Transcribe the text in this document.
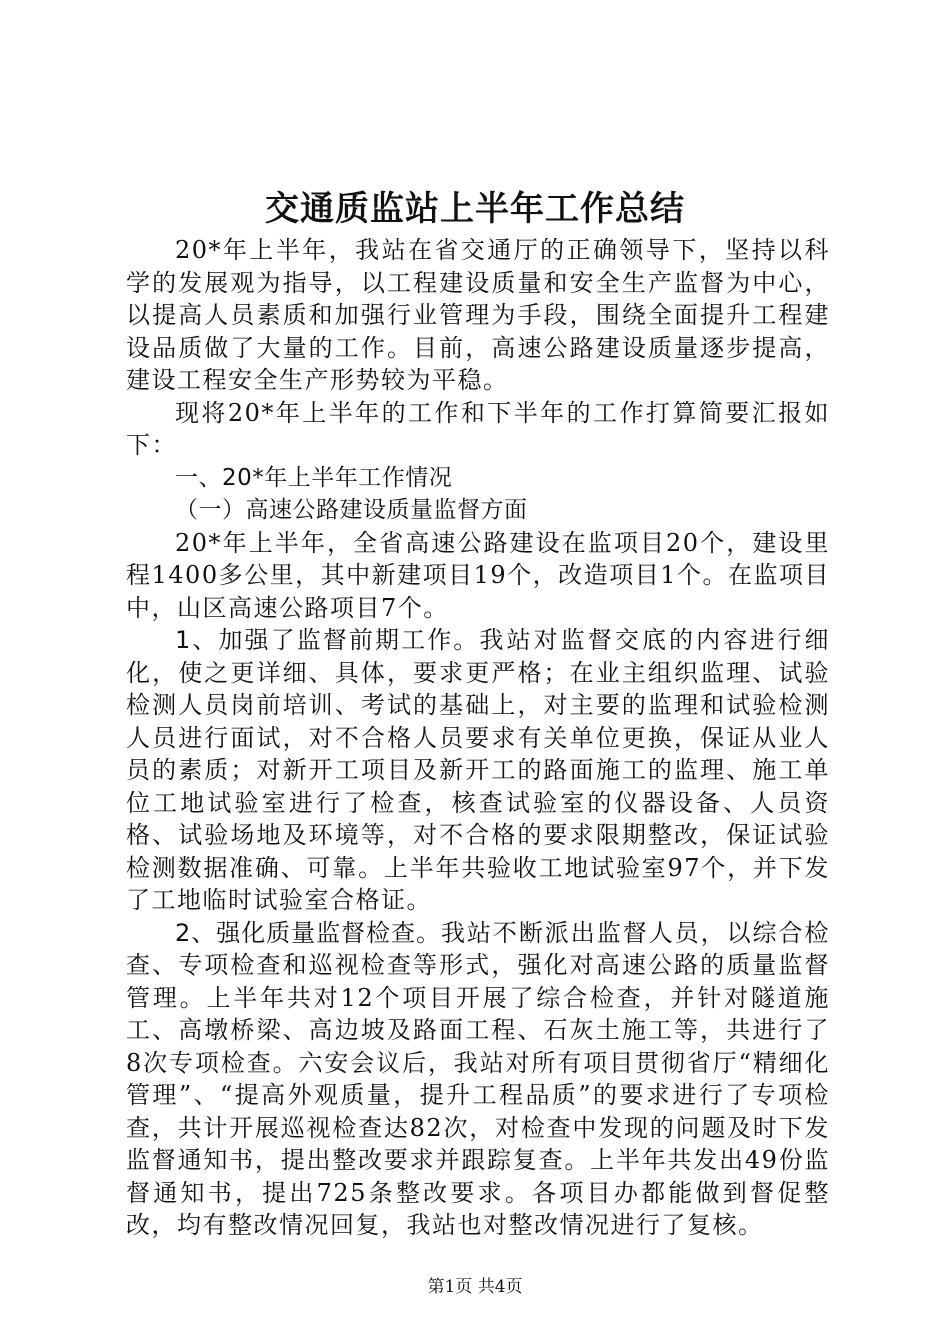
交通质监站上半年工作总结

20*年上半年，我站在省交通厅的正确领导下，坚持以科学的发展观为指导，以工程建设质量和安全生产监督为中心，以提高人员素质和加强行业管理为手段，围绕全面提升工程建设品质做了大量的工作。目前，高速公路建设质量逐步提高，建设工程安全生产形势较为平稳。

现将20*年上半年的工作和下半年的工作打算简要汇报如下：

一、20*年上半年工作情况

（一）高速公路建设质量监督方面

20*年上半年，全省高速公路建设在监项目20个，建设里程1400多公里，其中新建项目19个，改造项目1个。在监项目中，山区高速公路项目7个。

1、加强了监督前期工作。我站对监督交底的内容进行细化，使之更详细、具体，要求更严格；在业主组织监理、试验检测人员岗前培训、考试的基础上，对主要的监理和试验检测人员进行面试，对不合格人员要求有关单位更换，保证从业人员的素质；对新开工项目及新开工的路面施工的监理、施工单位工地试验室进行了检查，核查试验室的仪器设备、人员资格、试验场地及环境等，对不合格的要求限期整改，保证试验检测数据准确、可靠。上半年共验收工地试验室97个，并下发了工地临时试验室合格证。

2、强化质量监督检查。我站不断派出监督人员，以综合检查、专项检查和巡视检查等形式，强化对高速公路的质量监督管理。上半年共对12个项目开展了综合检查，并针对隧道施工、高墩桥梁、高边坡及路面工程、石灰土施工等，共进行了8次专项检查。六安会议后，我站对所有项目贯彻省厅“精细化管理”、“提高外观质量，提升工程品质”的要求进行了专项检查，共计开展巡视检查达82次，对检查中发现的问题及时下发监督通知书，提出整改要求并跟踪复查。上半年共发出49份监督通知书，提出725条整改要求。各项目办都能做到督促整改，均有整改情况回复，我站也对整改情况进行了复核。

第1页 共4页
